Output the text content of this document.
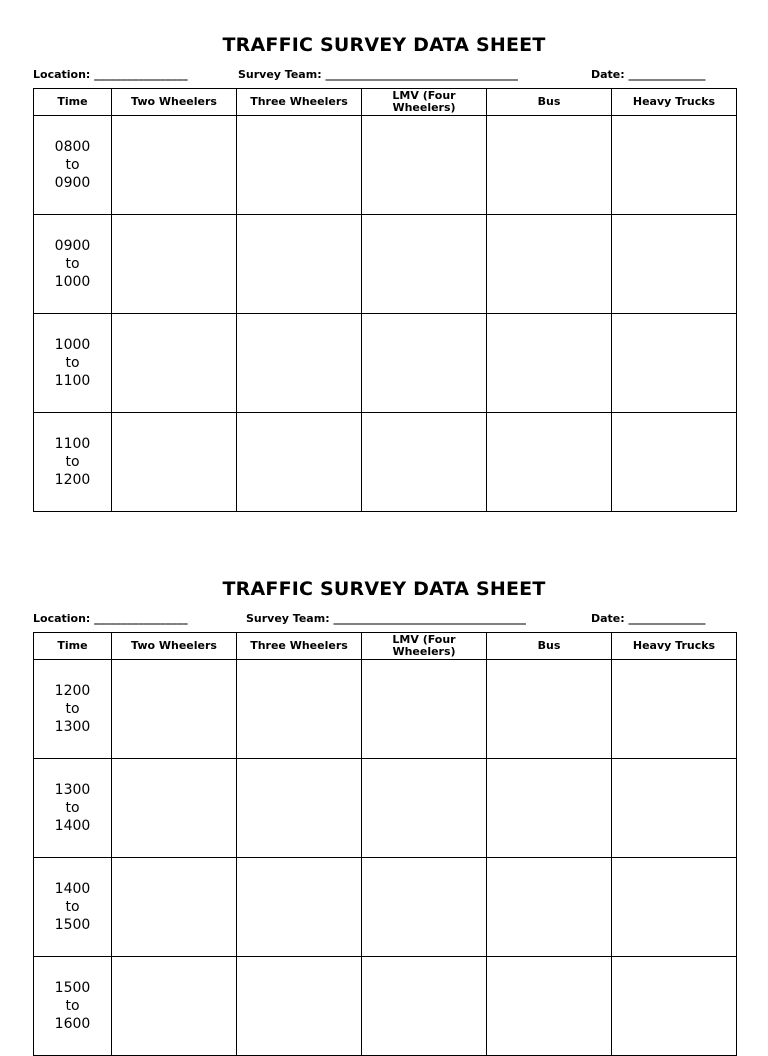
TRAFFIC SURVEY DATA SHEET
Location: _________________	Survey Team: ___________________________________	Date: ______________
Time	Two Wheelers	Three Wheelers	LMV (Four Wheelers)	Bus	Heavy Trucks

0800
to
0900					

0900
to
1000					

1000
to
1100					

1100
to
1200					

TRAFFIC SURVEY DATA SHEET
Location: _________________	Survey Team: ___________________________________	Date: ______________
Time	Two Wheelers	Three Wheelers	LMV (Four Wheelers)	Bus	Heavy Trucks

1200
to
1300					

1300
to
1400					

1400
to
1500					

1500
to
1600					
